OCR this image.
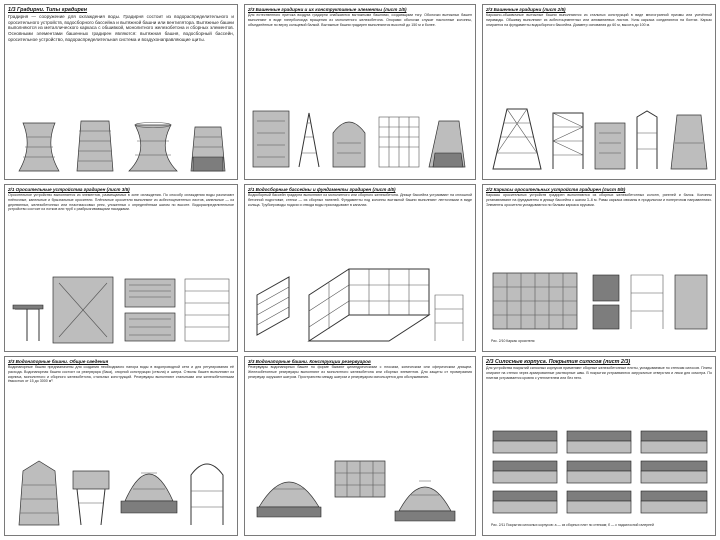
1/3 Градирни. Типы градирен
Градирня — сооружение для охлаждения воды. Градирня состоит из водораспределительного и оросительного устройств, водосборного бассейна и вытяжной башни или вентилятора. Вытяжные башни выполняются из металлического каркаса с обшивкой, монолитного железобетона и сборных элементов. Основными элементами башенных градирен являются: вытяжная башня, водосборный бассейн, оросительное устройство, водораспределительная система и воздухонаправляющие щиты.
2/3 Башенные градирни и их конструктивные элементы (лист 1/5)
Для естественного притока воздуха градирни снабжаются вытяжными башнями, создающими тягу. Оболочки вытяжных башен выполняют в виде гиперболоида вращения из монолитного железобетона. Опорами оболочки служат наклонные колонны, объединённые по верху кольцевой балкой. Вытяжные башни градирен выполняются высотой до 150 м и более.
2/3 Башенные градирни (лист 2/5)
Каркасно-обшивочные вытяжные башни выполняются из стальных конструкций в виде многогранной призмы или усечённой пирамиды. Обшивку выполняют из асбестоцементных или алюминиевых листов. Узлы каркаса соединяются на болтах. Каркас опирается на фундаменты водосборного бассейна. Диаметр основания до 60 м, высота до 100 м.
2/1 Оросительные устройства градирен (лист 3/5)
Оросительное устройство выполняется из элементов, размещаемых в зоне охлаждения. По способу охлаждения воды различают плёночные, капельные и брызгальные оросители. Плёночные оросители выполняют из асбестоцементных листов, капельные — из деревянных, железобетонных или пластмассовых реек, уложенных с определённым шагом по высоте. Водораспределительное устройство состоит из лотков или труб с разбрызгивающими насадками.
2/1 Водосборные бассейны и фундаменты градирен (лист 4/5)
Водосборный бассейн градирни выполняют из монолитного или сборного железобетона. Днище бассейна устраивают на сплошной бетонной подготовке, стенки — из сборных панелей. Фундаменты под колонны вытяжной башни выполняют ленточными в виде кольца. Трубопроводы подачи и отвода воды прокладывают в каналах.
2/2 Каркасы оросительных устройств градирен (лист 5/5)
Каркасы оросительных устройств градирен выполняются из сборных железобетонных колонн, ригелей и балок. Колонны устанавливают на фундаменты в днище бассейна с шагом 3–6 м. Рамы каркаса связаны в продольном и поперечном направлениях. Элементы оросителя укладываются по балкам каркаса ярусами.
Рис. 2/10 Каркас оросителя
3/3 Водонапорные башни. Общие сведения
Водонапорные башни предназначены для создания необходимого напора воды в водопроводной сети и для регулирования её расхода. Водонапорная башня состоит из резервуара (бака), опорной конструкции (ствола) и шатра. Стволы башен выполняют из кирпича, монолитного и сборного железобетона, стальных конструкций. Резервуары выполняют стальными или железобетонными ёмкостью от 15 до 3000 м³.
3/3 Водонапорные башни. Конструкции резервуаров
Резервуары водонапорных башен по форме бывают цилиндрическими с плоским, коническим или сферическим днищем. Железобетонные резервуары выполняют из монолитного железобетона или сборных элементов. Для защиты от промерзания резервуар окружают шатром. Пространство между шатром и резервуаром используется для обслуживания.
2/3 Силосные корпуса. Покрытия силосов (лист 2/3)
Для устройства покрытий силосных корпусов применяют сборные железобетонные плиты, укладываемые по стенкам силосов. Плиты опирают на стенки через армированные растворные швы. В покрытии устраиваются загрузочные отверстия и люки для осмотра. По плитам устраивается кровля с утеплителем или без него.
Рис. 2/11 Покрытия силосных корпусов: а — из сборных плит по стенкам; б — с надсилосной галереей
